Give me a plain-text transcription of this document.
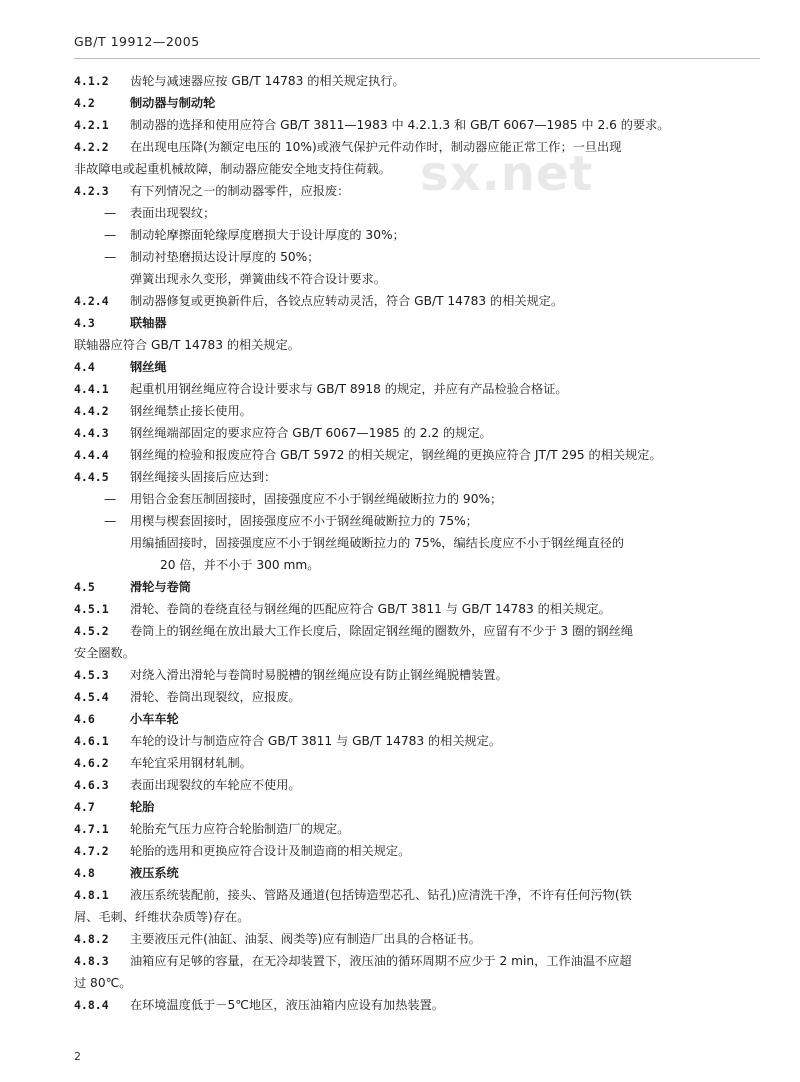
GB/T 19912—2005
sx.net

4.1.2 齿轮与减速器应按 GB/T 14783 的相关规定执行。

4.2	制动器与制动轮

4.2.1 制动器的选择和使用应符合 GB/T 3811—1983 中 4.2.1.3 和 GB/T 6067—1985 中 2.6 的要求。

4.2.2 在出现电压降(为额定电压的 10%)或液气保护元件动作时，制动器应能正常工作；一旦出现
非故障电或起重机械故障，制动器应能安全地支持住荷载。

4.2.3 有下列情况之一的制动器零件，应报废：

— 表面出现裂纹；

— 制动轮摩擦面轮缘厚度磨损大于设计厚度的 30%；

— 制动衬垫磨损达设计厚度的 50%；

弹簧出现永久变形，弹簧曲线不符合设计要求。

4.2.4 制动器修复或更换新件后，各铰点应转动灵活，符合 GB/T 14783 的相关规定。

4.3	联轴器

联轴器应符合 GB/T 14783 的相关规定。

4.4	钢丝绳

4.4.1 起重机用钢丝绳应符合设计要求与 GB/T 8918 的规定，并应有产品检验合格证。

4.4.2 钢丝绳禁止接长使用。

4.4.3 钢丝绳端部固定的要求应符合 GB/T 6067—1985 的 2.2 的规定。

4.4.4 钢丝绳的检验和报废应符合 GB/T 5972 的相关规定，钢丝绳的更换应符合 JT/T 295 的相关规定。

4.4.5 钢丝绳接头固接后应达到：

— 用铝合金套压制固接时，固接强度应不小于钢丝绳破断拉力的 90%；

— 用楔与楔套固接时，固接强度应不小于钢丝绳破断拉力的 75%；

用编插固接时，固接强度应不小于钢丝绳破断拉力的 75%，编结长度应不小于钢丝绳直径的
20 倍，并不小于 300 mm。

4.5	滑轮与卷筒

4.5.1 滑轮、卷筒的卷绕直径与钢丝绳的匹配应符合 GB/T 3811 与 GB/T 14783 的相关规定。

4.5.2 卷筒上的钢丝绳在放出最大工作长度后，除固定钢丝绳的圈数外，应留有不少于 3 圈的钢丝绳
安全圈数。

4.5.3 对绕入滑出滑轮与卷筒时易脱槽的钢丝绳应设有防止钢丝绳脱槽装置。

4.5.4 滑轮、卷筒出现裂纹，应报废。

4.6	小车车轮

4.6.1 车轮的设计与制造应符合 GB/T 3811 与 GB/T 14783 的相关规定。

4.6.2 车轮宜采用钢材轧制。

4.6.3 表面出现裂纹的车轮应不使用。

4.7	轮胎

4.7.1 轮胎充气压力应符合轮胎制造厂的规定。

4.7.2 轮胎的选用和更换应符合设计及制造商的相关规定。

4.8	液压系统

4.8.1 液压系统装配前，接头、管路及通道(包括铸造型芯孔、钻孔)应清洗干净，不许有任何污物(铁
屑、毛刺、纤维状杂质等)存在。

4.8.2 主要液压元件(油缸、油泵、阀类等)应有制造厂出具的合格证书。

4.8.3 油箱应有足够的容量，在无冷却装置下，液压油的循环周期不应少于 2 min，工作油温不应超
过 80℃。

4.8.4 在环境温度低于－5℃地区，液压油箱内应设有加热装置。

2
